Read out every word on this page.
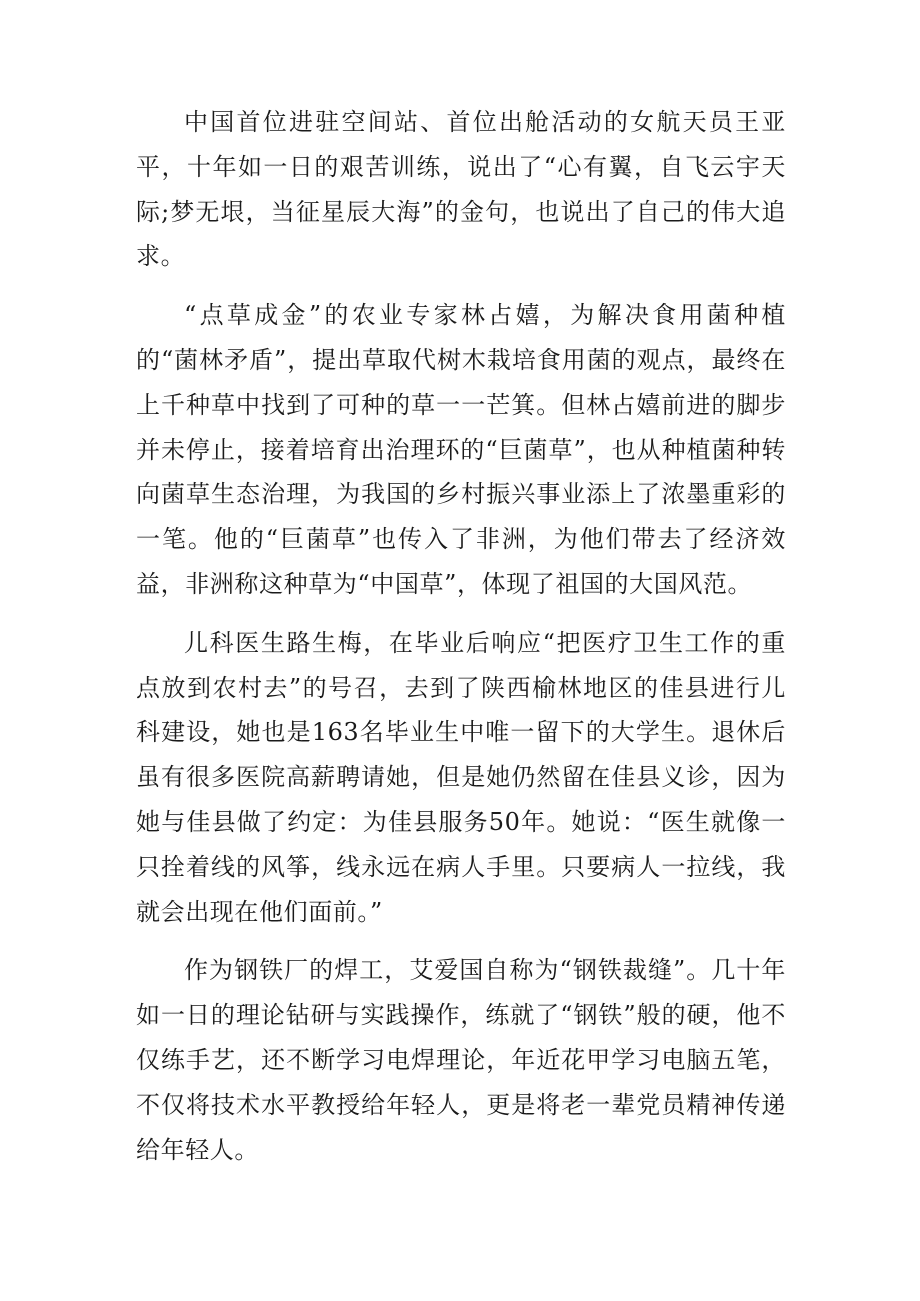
中国首位进驻空间站、首位出舱活动的女航天员王亚平，十年如一日的艰苦训练，说出了“心有翼，自飞云宇天际;梦无垠，当征星辰大海”的金句，也说出了自己的伟大追求。

“点草成金”的农业专家林占嬉，为解决食用菌种植的“菌林矛盾”，提出草取代树木栽培食用菌的观点，最终在上千种草中找到了可种的草一一芒箕。但林占嬉前进的脚步并未停止，接着培育出治理环的“巨菌草”，也从种植菌种转向菌草生态治理，为我国的乡村振兴事业添上了浓墨重彩的一笔。他的“巨菌草”也传入了非洲，为他们带去了经济效益，非洲称这种草为“中国草”，体现了祖国的大国风范。

儿科医生路生梅，在毕业后响应“把医疗卫生工作的重点放到农村去”的号召，去到了陕西榆林地区的佳县进行儿科建设，她也是163名毕业生中唯一留下的大学生。退休后虽有很多医院高薪聘请她，但是她仍然留在佳县义诊，因为她与佳县做了约定：为佳县服务50年。她说：“医生就像一只拴着线的风筝，线永远在病人手里。只要病人一拉线，我就会出现在他们面前。”

作为钢铁厂的焊工，艾爱国自称为“钢铁裁缝”。几十年如一日的理论钻研与实践操作，练就了“钢铁”般的硬，他不仅练手艺，还不断学习电焊理论，年近花甲学习电脑五笔，不仅将技术水平教授给年轻人，更是将老一辈党员精神传递给年轻人。
